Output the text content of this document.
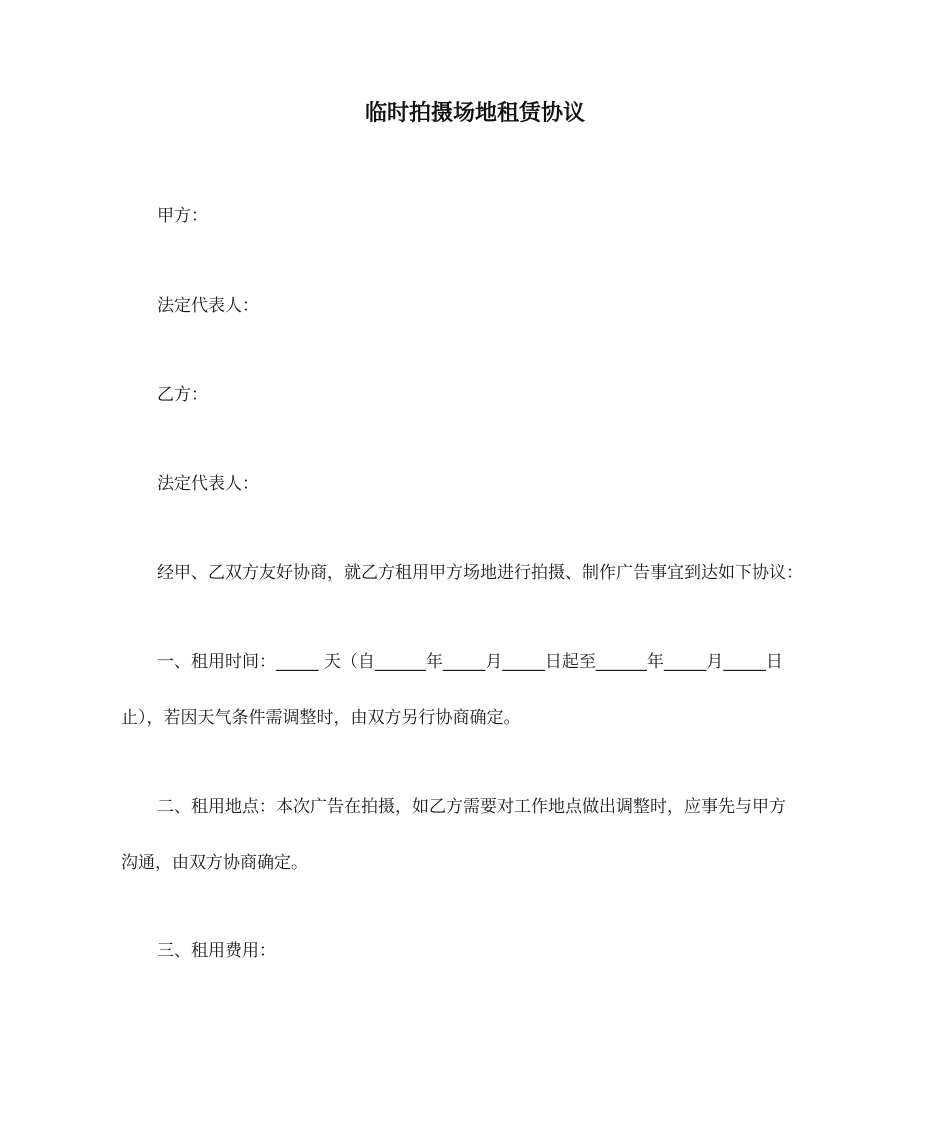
临时拍摄场地租赁协议

甲方：

法定代表人：

乙方：

法定代表人：

经甲、乙双方友好协商，就乙方租用甲方场地进行拍摄、制作广告事宜到达如下协议：

一、租用时间：_____ 天（自______年_____月_____日起至______年_____月_____日

止），若因天气条件需调整时，由双方另行协商确定。

二、租用地点：本次广告在拍摄，如乙方需要对工作地点做出调整时，应事先与甲方

沟通，由双方协商确定。

三、租用费用：
